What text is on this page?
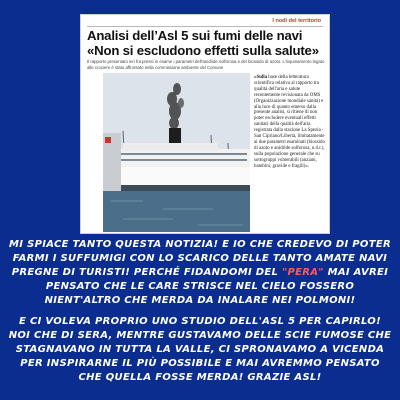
I nodi del territorio
Analisi dell’Asl 5 sui fumi delle navi
«Non si escludono effetti sulla salute»
Il rapporto presentato ieri fra pressi in esame i parametri dell'anidride solforosa e del biossido di azoto. L'inquinamento legato alle crociere è stato affrontato nella commissione ambiente del Comune
«Sulla base della letteratura scientifica relativa al rapporto tra qualità dell'aria e salute recentemente revisionata da OMS (Organizzazione mondiale sanità) e alla luce di quanto emerso dalla presente analisi, si ritiene di non poter escludere eventuali effetti sanitari della qualità dell'aria registrata dalla stazione La Spezia - San Cipriano/Libertà, limitatamente ai due parametri esaminati (biossido di azoto e anidride solforosa, n.d.r.), sulla popolazione generale che su sottogruppi vulnerabili (anziani, bambini, gravide e fragili)».
MI SPIACE TANTO QUESTA NOTIZIA! E IO CHE CREDEVO DI POTER FARMI I SUFFUMIGI CON LO SCARICO DELLE TANTO AMATE NAVI PREGNE DI TURISTI! PERCHÉ FIDANDOMI DEL "PERA" MAI AVREI PENSATO CHE LE CARE STRISCE NEL CIELO FOSSERO NIENT'ALTRO CHE MERDA DA INALARE NEI POLMONI!
E CI VOLEVA PROPRIO UNO STUDIO DELL'ASL 5 PER CAPIRLO! NOI CHE DI SERA, MENTRE GUSTAVAMO DELLE SCIE FUMOSE CHE STAGNAVANO IN TUTTA LA VALLE, CI SPRONAVAMO A VICENDA PER INSPIRARNE IL PIÙ POSSIBILE E MAI AVREMMO PENSATO CHE QUELLA FOSSE MERDA! GRAZIE ASL!
